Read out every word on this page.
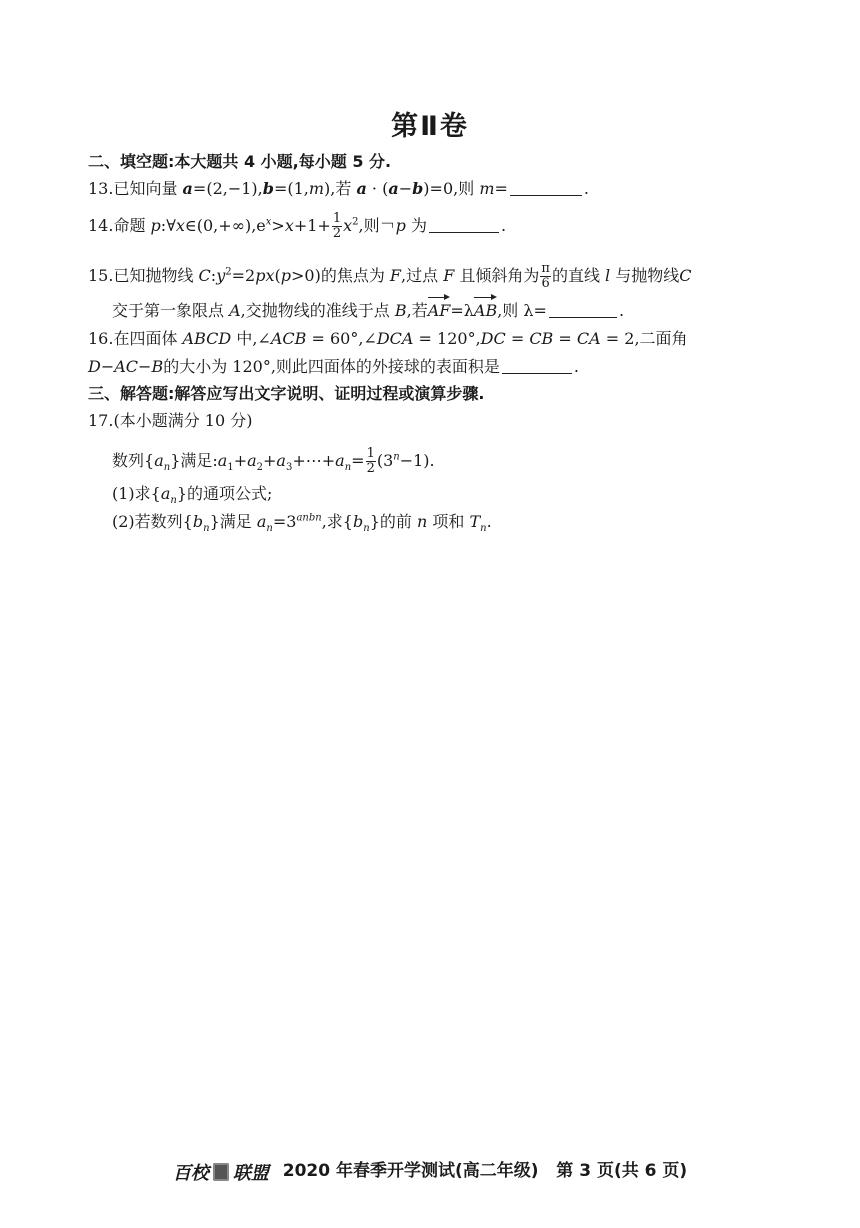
第Ⅱ卷
二、填空题:本大题共 4 小题,每小题 5 分.
13.已知向量 a=(2,−1),b=(1,m),若 a · (a−b)=0,则 m=	.
14.命题 $p:\forall x\in(0,+\infty),e^x>x+1+ \frac{1}{2} x^2$,则￢p 为	.
15.已知抛物线 $C:y^2=2px(p>0)$的焦点为 F,过点 F 且倾斜角为 $\frac{\pi}{6}$ 的直线 l 与抛物线C
交于第一象限点 A,交抛物线的准线于点 B,若AF=λAB,则 λ=	.
16.在四面体 ABCD 中,∠ACB = 60°,∠DCA = 120°,DC = CB = CA = 2,二面角
D−AC−B的大小为 120°,则此四面体的外接球的表面积是	.
三、解答题:解答应写出文字说明、证明过程或演算步骤.
17.(本小题满分 10 分)
数列$\{a_n\}$满足$:a_1+a_2+a_3+\cdots+a_n= \frac{1}{2} (3^n-1)$.
(1)求$\{a_n\}$的通项公式;
(2)若数列$\{b_n\}$满足 $a_n=3^{anbn}$,求$\{b_n\}$的前 n 项和 $T_n$.
百校 联盟 2020 年春季开学测试(高二年级) 第 3 页(共 6 页)
